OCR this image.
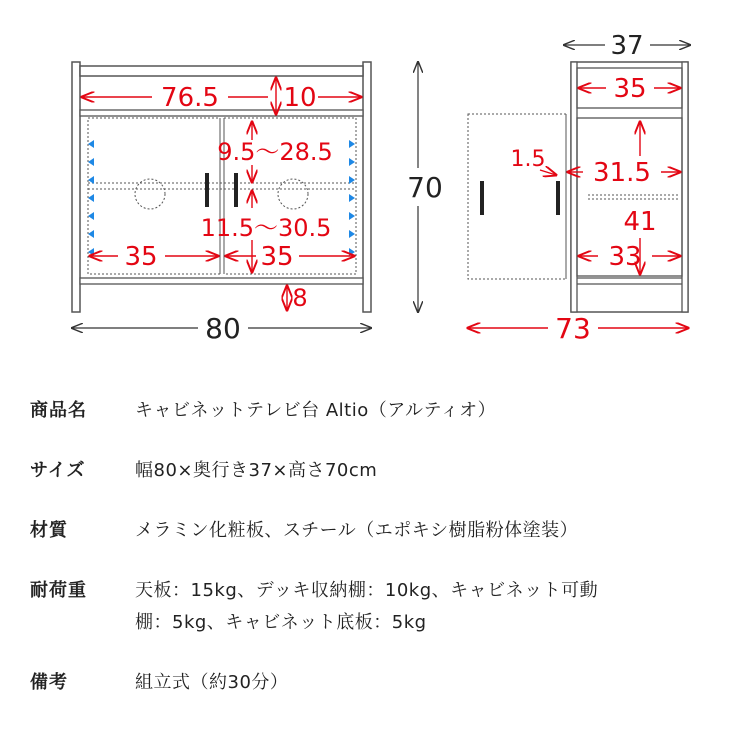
76.5 10
9.5〜28.5
11.5〜30.5
35	35
8
80
70
37
35
1.5 31.5
41
33
73
商品名	キャビネットテレビ台 Altio（アルティオ）
サイズ	幅80×奥行き37×高さ70cm
材質	メラミン化粧板、スチール（エポキシ樹脂粉体塗装）
耐荷重	天板：15kg、デッキ収納棚：10kg、キャビネット可動
棚：5kg、キャビネット底板：5kg
備考	組立式（約30分）
